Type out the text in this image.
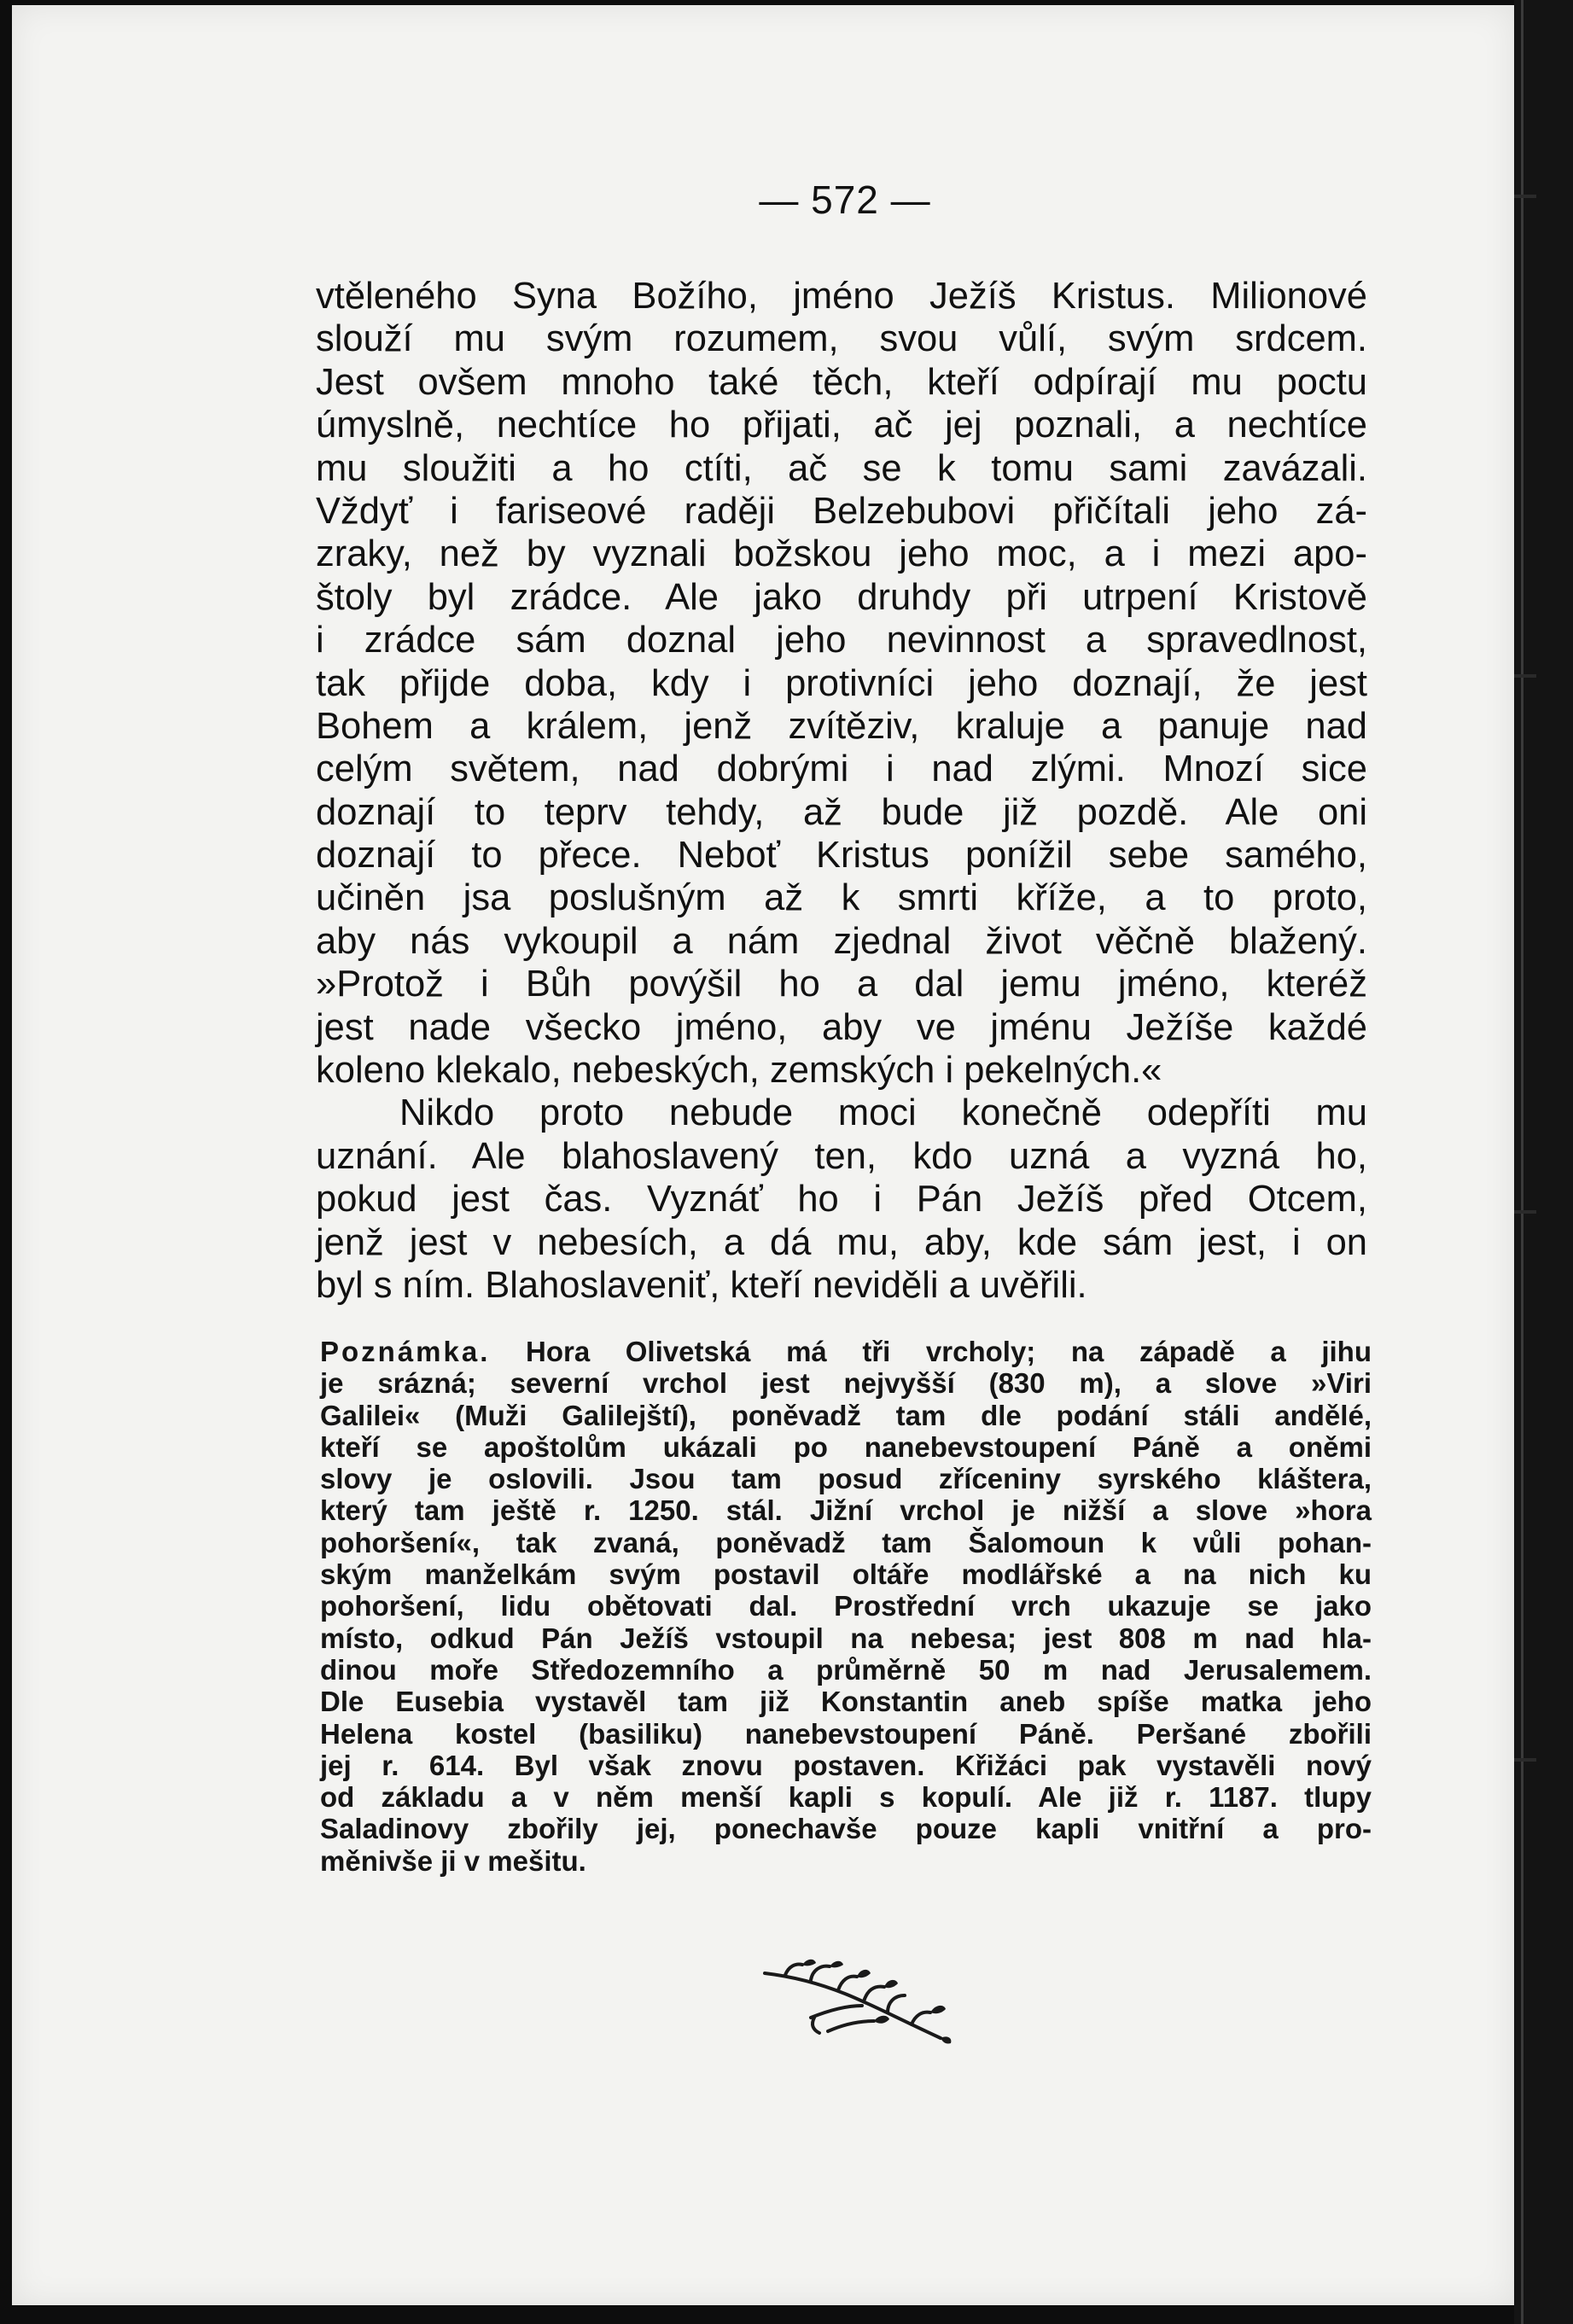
— 572 —
vtěleného Syna Božího, jméno Ježíš Kristus. Milionové
slouží mu svým rozumem, svou vůlí, svým srdcem.
Jest ovšem mnoho také těch, kteří odpírají mu poctu
úmyslně, nechtíce ho přijati, ač jej poznali, a nechtíce
mu sloužiti a ho ctíti, ač se k tomu sami zavázali.
Vždyť i fariseové raději Belzebubovi přičítali jeho zá-
zraky, než by vyznali božskou jeho moc, a i mezi apo-
štoly byl zrádce. Ale jako druhdy při utrpení Kristově
i zrádce sám doznal jeho nevinnost a spravedlnost,
tak přijde doba, kdy i protivníci jeho doznají, že jest
Bohem a králem, jenž zvítěziv, kraluje a panuje nad
celým světem, nad dobrými i nad zlými. Mnozí sice
doznají to teprv tehdy, až bude již pozdě. Ale oni
doznají to přece. Neboť Kristus ponížil sebe samého,
učiněn jsa poslušným až k smrti kříže, a to proto,
aby nás vykoupil a nám zjednal život věčně blažený.
»Protož i Bůh povýšil ho a dal jemu jméno, kteréž
jest nade všecko jméno, aby ve jménu Ježíše každé
koleno klekalo, nebeských, zemských i pekelných.«
Nikdo proto nebude moci konečně odepříti mu
uznání. Ale blahoslavený ten, kdo uzná a vyzná ho,
pokud jest čas. Vyznáť ho i Pán Ježíš před Otcem,
jenž jest v nebesích, a dá mu, aby, kde sám jest, i on
byl s ním. Blahoslaveniť, kteří neviděli a uvěřili.
Poznámka. Hora Olivetská má tři vrcholy; na západě a jihu
je srázná; severní vrchol jest nejvyšší (830 m), a slove »Viri
Galilei« (Muži Galilejští), poněvadž tam dle podání stáli andělé,
kteří se apoštolům ukázali po nanebevstoupení Páně a oněmi
slovy je oslovili. Jsou tam posud zříceniny syrského kláštera,
který tam ještě r. 1250. stál. Jižní vrchol je nižší a slove »hora
pohoršení«, tak zvaná, poněvadž tam Šalomoun k vůli pohan-
ským manželkám svým postavil oltáře modlářské a na nich ku
pohoršení, lidu obětovati dal. Prostřední vrch ukazuje se jako
místo, odkud Pán Ježíš vstoupil na nebesa; jest 808 m nad hla-
dinou moře Středozemního a průměrně 50 m nad Jerusalemem.
Dle Eusebia vystavěl tam již Konstantin aneb spíše matka jeho
Helena kostel (basiliku) nanebevstoupení Páně. Peršané zbořili
jej r. 614. Byl však znovu postaven. Křižáci pak vystavěli nový
od základu a v něm menší kapli s kopulí. Ale již r. 1187. tlupy
Saladinovy zbořily jej, ponechavše pouze kapli vnitřní a pro-
měnivše ji v mešitu.
